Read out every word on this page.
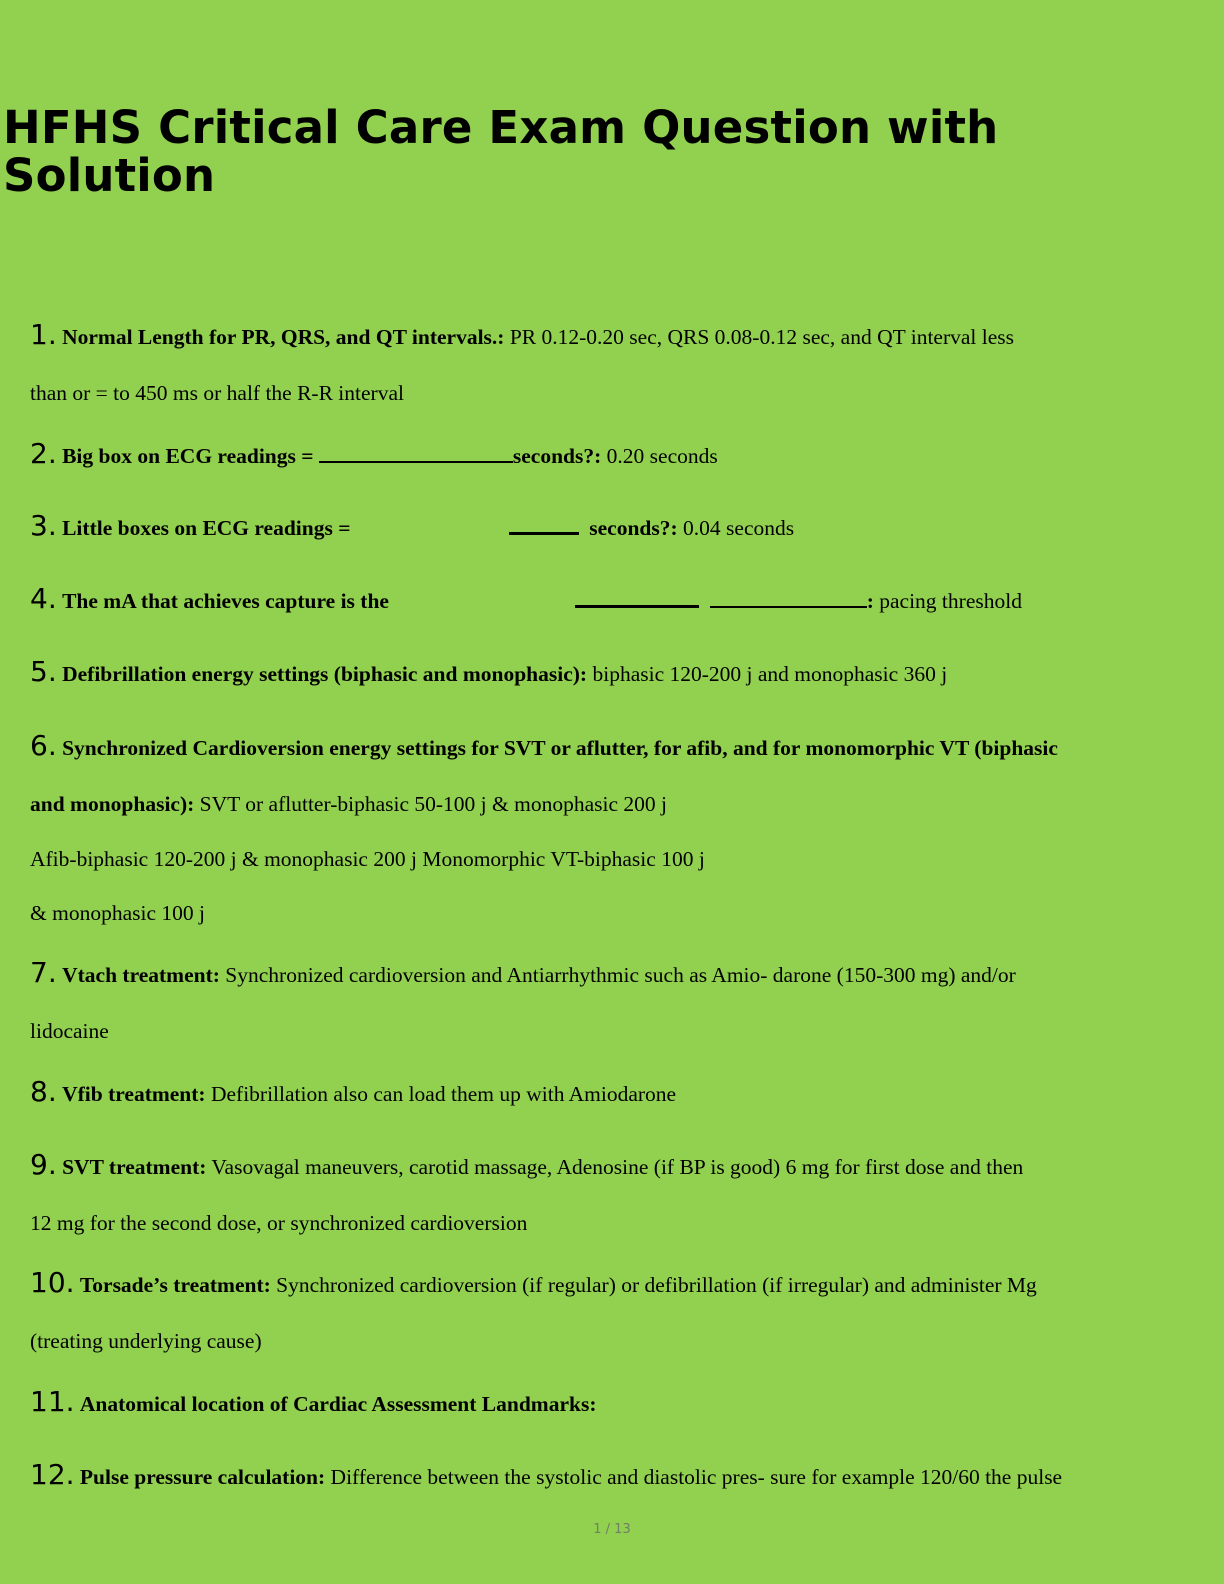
HFHS Critical Care Exam Question with Solution
1. Normal Length for PR, QRS, and QT intervals.: PR 0.12-0.20 sec, QRS 0.08-0.12 sec, and QT interval less
than or = to 450 ms or half the R-R interval
2. Big box on ECG readings =	seconds?: 0.20 seconds
3. Little boxes on ECG readings =	seconds?: 0.04 seconds
4. The mA that achieves capture is the	: pacing threshold
5. Defibrillation energy settings (biphasic and monophasic): biphasic 120-200 j and monophasic 360 j
6. Synchronized Cardioversion energy settings for SVT or aflutter, for afib, and for monomorphic VT (biphasic
and monophasic): SVT or aflutter-biphasic 50-100 j & monophasic 200 j
Afib-biphasic 120-200 j & monophasic 200 j Monomorphic VT-biphasic 100 j
& monophasic 100 j
7. Vtach treatment: Synchronized cardioversion and Antiarrhythmic such as Amio- darone (150-300 mg) and/or
lidocaine
8. Vfib treatment: Defibrillation also can load them up with Amiodarone
9. SVT treatment: Vasovagal maneuvers, carotid massage, Adenosine (if BP is good) 6 mg for first dose and then
12 mg for the second dose, or synchronized cardioversion
10. Torsade’s treatment: Synchronized cardioversion (if regular) or defibrillation (if irregular) and administer Mg
(treating underlying cause)
11. Anatomical location of Cardiac Assessment Landmarks:
12. Pulse pressure calculation: Difference between the systolic and diastolic pres- sure for example 120/60 the pulse
1 / 13
